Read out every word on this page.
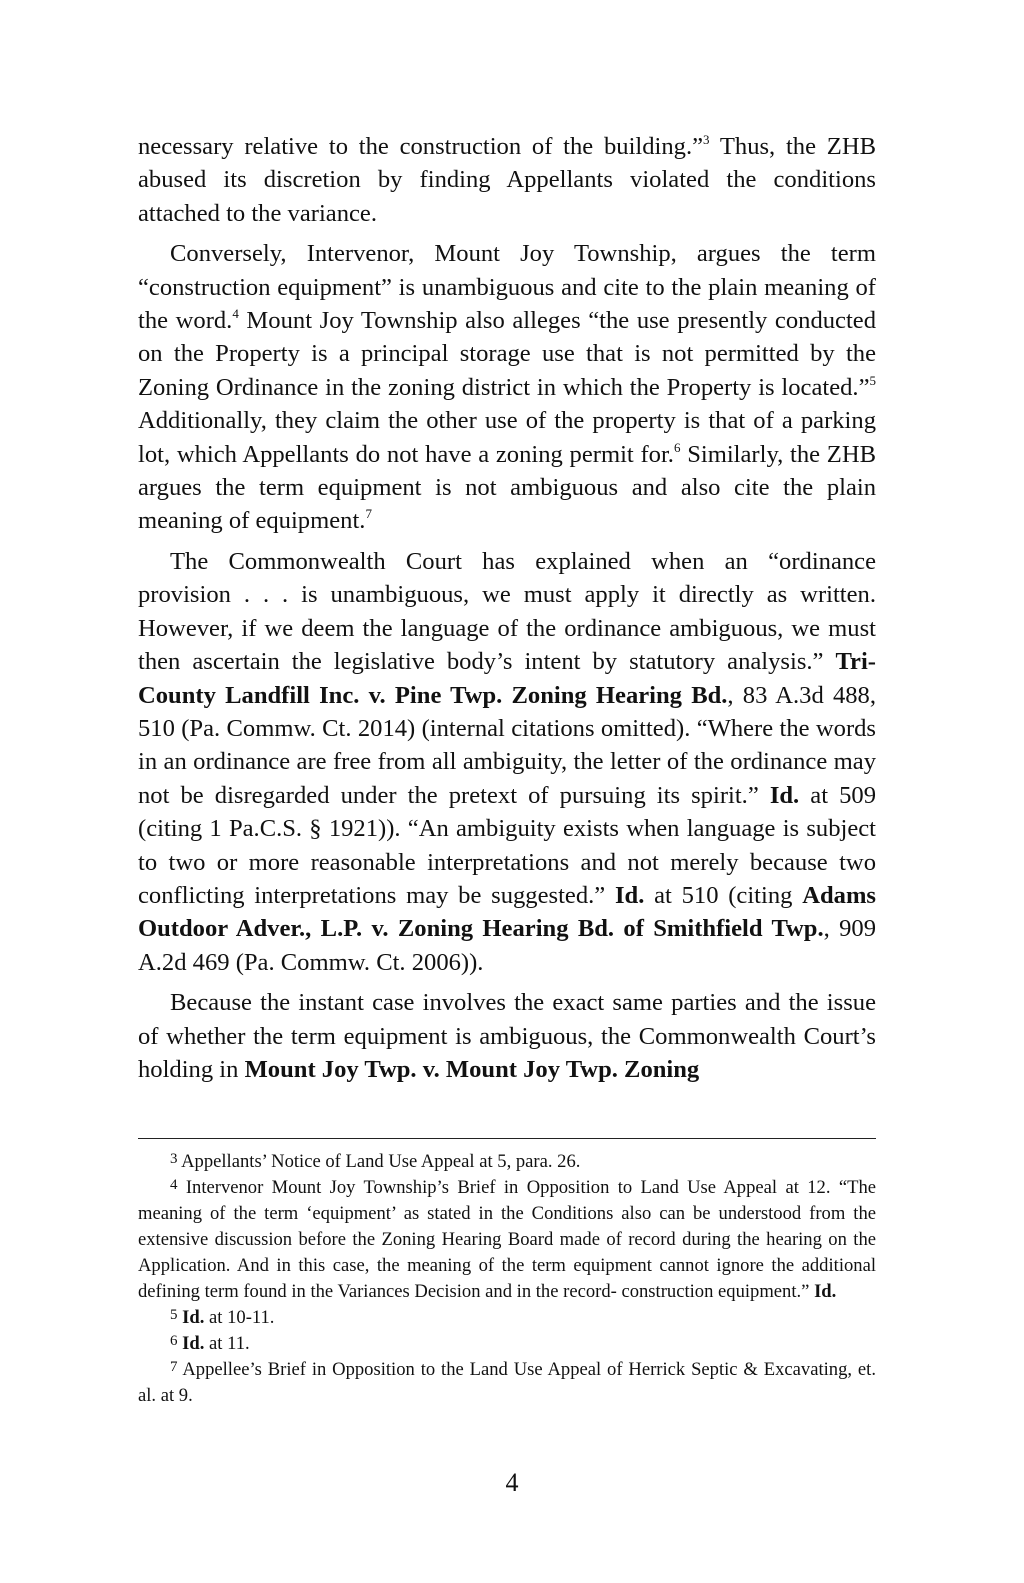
necessary relative to the construction of the building.”$^3$ Thus, the ZHB abused its discretion by finding Appellants violated the conditions attached to the variance.

Conversely, Intervenor, Mount Joy Township, argues the term “construction equipment” is unambiguous and cite to the plain meaning of the word.$^4$ Mount Joy Township also alleges “the use presently conducted on the Property is a principal storage use that is not permitted by the Zoning Ordinance in the zoning district in which the Property is located.”$^5$ Additionally, they claim the other use of the property is that of a parking lot, which Appellants do not have a zoning permit for.$^6$ Similarly, the ZHB argues the term equipment is not ambiguous and also cite the plain meaning of equipment.$^7$

The Commonwealth Court has explained when an “ordinance provision . . . is unambiguous, we must apply it directly as written. However, if we deem the language of the ordinance ambiguous, we must then ascertain the legislative body’s intent by statutory analysis.” Tri-County Landfill Inc. v. Pine Twp. Zoning Hearing Bd., 83 A.3d 488, 510 (Pa. Commw. Ct. 2014) (internal citations omitted). “Where the words in an ordinance are free from all ambiguity, the letter of the ordinance may not be disregarded under the pretext of pursuing its spirit.” Id. at 509 (citing 1 Pa.C.S. § 1921)). “An ambiguity exists when language is subject to two or more reasonable interpretations and not merely because two conflicting interpretations may be suggested.” Id. at 510 (citing Adams Outdoor Adver., L.P. v. Zoning Hearing Bd. of Smithfield Twp., 909 A.2d 469 (Pa. Commw. Ct. 2006)).

Because the instant case involves the exact same parties and the issue of whether the term equipment is ambiguous, the Commonwealth Court’s holding in Mount Joy Twp. v. Mount Joy Twp. Zoning

$^3$ Appellants’ Notice of Land Use Appeal at 5, para. 26.

$^4$ Intervenor Mount Joy Township’s Brief in Opposition to Land Use Appeal at 12. “The meaning of the term ‘equipment’ as stated in the Conditions also can be understood from the extensive discussion before the Zoning Hearing Board made of record during the hearing on the Application. And in this case, the meaning of the term equipment cannot ignore the additional defining term found in the Variances Decision and in the record- construction equipment.” Id.

$^5$ Id. at 10-11.

$^6$ Id. at 11.

$^7$ Appellee’s Brief in Opposition to the Land Use Appeal of Herrick Septic & Excavating, et. al. at 9.

4
